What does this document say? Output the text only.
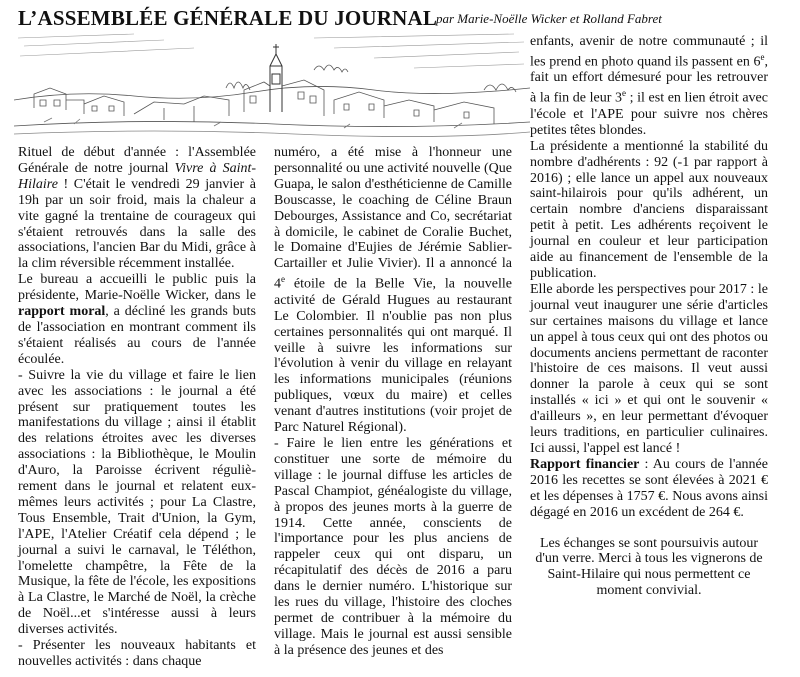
L’ASSEMBLÉE GÉNÉRALE DU JOURNAL
par Marie-Noëlle Wicker et Rolland Fabret

Rituel de début d'année : l'Assemblée Générale de notre journal Vivre à Saint-Hilaire ! C'était le vendredi 29 janvier à 19h par un soir froid, mais la chaleur a vite gagné la trentaine de courageux qui s'étaient retrouvés dans la salle des associations, l'ancien Bar du Midi, grâce à la clim réversible récemment installée.

Le bureau a accueilli le public puis la présidente, Marie-Noëlle Wicker, dans le rapport moral, a décliné les grands buts de l'association en montrant comment ils s'étaient réalisés au cours de l'année écoulée.

- Suivre la vie du village et faire le lien avec les associations : le journal a été présent sur pratiquement toutes les manifestations du village ; ainsi il établit des relations étroites avec les diverses associations : la Bibliothèque, le Moulin d'Auro, la Paroisse écrivent réguliè-rement dans le journal et relatent eux-mêmes leurs activités ; pour La Clastre, Tous Ensemble, Trait d'Union, la Gym, l'APE, l'Atelier Créatif cela dépend ; le journal a suivi le carnaval, le Téléthon, l'omelette champêtre, la Fête de la Musique, la fête de l'école, les expositions à La Clastre, le Marché de Noël, la crèche de Noël...et s'intéresse aussi à leurs diverses activités.

- Présenter les nouveaux habitants et nouvelles activités : dans chaque

numéro, a été mise à l'honneur une personnalité ou une activité nouvelle (Que Guapa, le salon d'esthéticienne de Camille Bouscasse, le coaching de Céline Braun Debourges, Assistance and Co, secrétariat à domicile, le cabinet de Coralie Buchet, le Domaine d'Eujies de Jérémie Sablier-Cartailler et Julie Vivier). Il a annoncé la 4e étoile de la Belle Vie, la nouvelle activité de Gérald Hugues au restaurant Le Colombier. Il n'oublie pas non plus certaines personnalités qui ont marqué. Il veille à suivre les informations sur l'évolution à venir du village en relayant les informations municipales (réunions publiques, vœux du maire) et celles venant d'autres institutions (voir projet de Parc Naturel Régional).

- Faire le lien entre les générations et constituer une sorte de mémoire du village : le journal diffuse les articles de Pascal Champiot, généalogiste du village, à propos des jeunes morts à la guerre de 1914. Cette année, conscients de l'importance pour les plus anciens de rappeler ceux qui ont disparu, un récapitulatif des décès de 2016 a paru dans le dernier numéro. L'historique sur les rues du village, l'histoire des cloches permet de contribuer à la mémoire du village. Mais le journal est aussi sensible à la présence des jeunes et des

enfants, avenir de notre communauté ; il les prend en photo quand ils passent en 6e, fait un effort démesuré pour les retrouver à la fin de leur 3e ; il est en lien étroit avec l'école et l'APE pour suivre nos chères petites têtes blondes.

La présidente a mentionné la stabilité du nombre d'adhérents : 92 (-1 par rapport à 2016) ; elle lance un appel aux nouveaux saint-hilairois pour qu'ils adhérent, un certain nombre d'anciens disparaissant petit à petit. Les adhérents reçoivent le journal en couleur et leur participation aide au financement de l'ensemble de la publication.

Elle aborde les perspectives pour 2017 : le journal veut inaugurer une série d'articles sur certaines maisons du village et lance un appel à tous ceux qui ont des photos ou documents anciens permettant de raconter l'histoire de ces maisons. Il veut aussi donner la parole à ceux qui se sont installés « ici » et qui ont le souvenir « d'ailleurs », en leur permettant d'évoquer leurs traditions, en particulier culinaires. Ici aussi, l'appel est lancé !

Rapport financier : Au cours de l'année 2016 les recettes se sont élevées à 2021 € et les dépenses à 1757 €. Nous avons ainsi dégagé en 2016 un excédent de 264 €.

Les échanges se sont poursuivis autour d'un verre. Merci à tous les vignerons de Saint-Hilaire qui nous permettent ce moment convivial.
